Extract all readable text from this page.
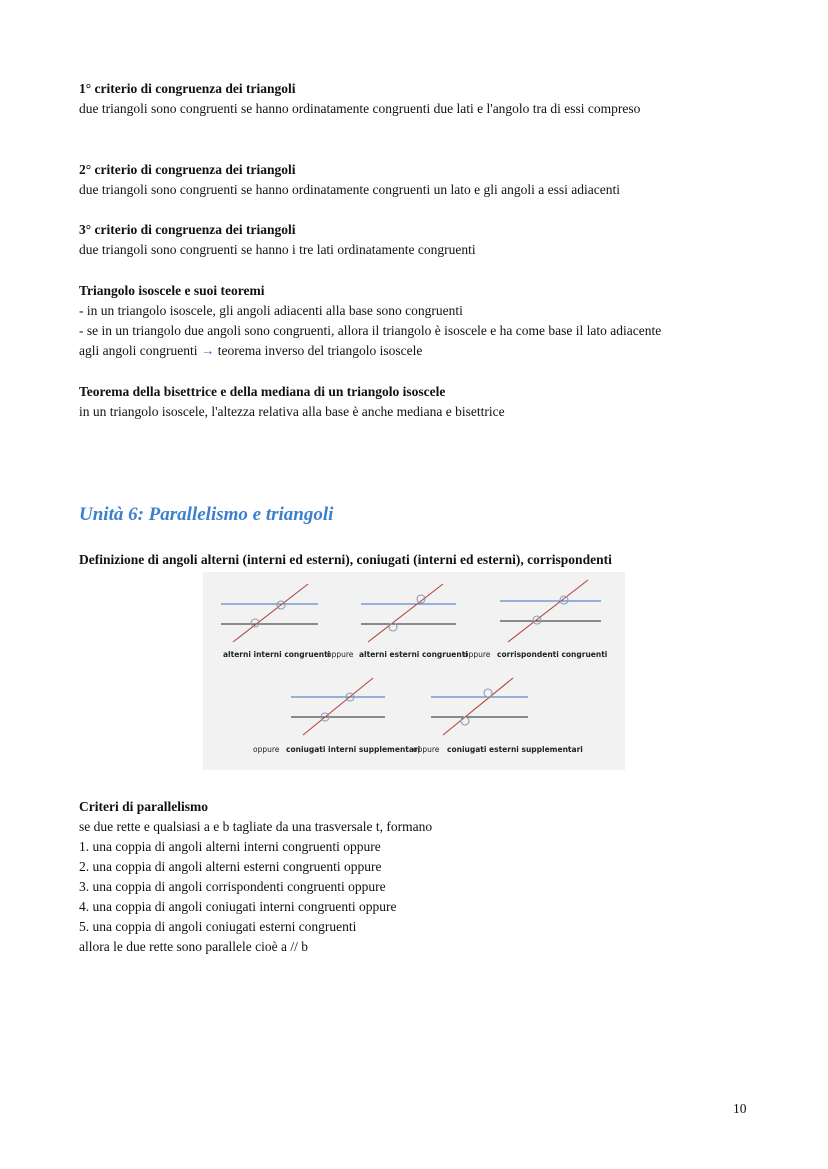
1° criterio di congruenza dei triangoli
due triangoli sono congruenti se hanno ordinatamente congruenti due lati e l'angolo tra di essi compreso
2° criterio di congruenza dei triangoli
due triangoli sono congruenti se hanno ordinatamente congruenti un lato e gli angoli a essi adiacenti
3° criterio di congruenza dei triangoli
due triangoli sono congruenti se hanno i tre lati ordinatamente congruenti
Triangolo isoscele e suoi teoremi
- in un triangolo isoscele, gli angoli adiacenti alla base sono congruenti
- se in un triangolo due angoli sono congruenti, allora il triangolo è isoscele e ha come base il lato adiacente
agli angoli congruenti → teorema inverso del triangolo isoscele
Teorema della bisettrice e della mediana di un triangolo isoscele
in un triangolo isoscele, l'altezza relativa alla base è anche mediana e bisettrice
Unità 6: Parallelismo e triangoli
Definizione di angoli alterni (interni ed esterni), coniugati (interni ed esterni), corrispondenti
alterni interni congruenti
oppure alterni esterni congruenti
oppure corrispondenti congruenti
oppure coniugati interni supplementari
oppure coniugati esterni supplementari
Criteri di parallelismo
se due rette e qualsiasi a e b tagliate da una trasversale t, formano
1. una coppia di angoli alterni interni congruenti oppure
2. una coppia di angoli alterni esterni congruenti oppure
3. una coppia di angoli corrispondenti congruenti oppure
4. una coppia di angoli coniugati interni congruenti oppure
5. una coppia di angoli coniugati esterni congruenti
allora le due rette sono parallele cioè a // b
10
